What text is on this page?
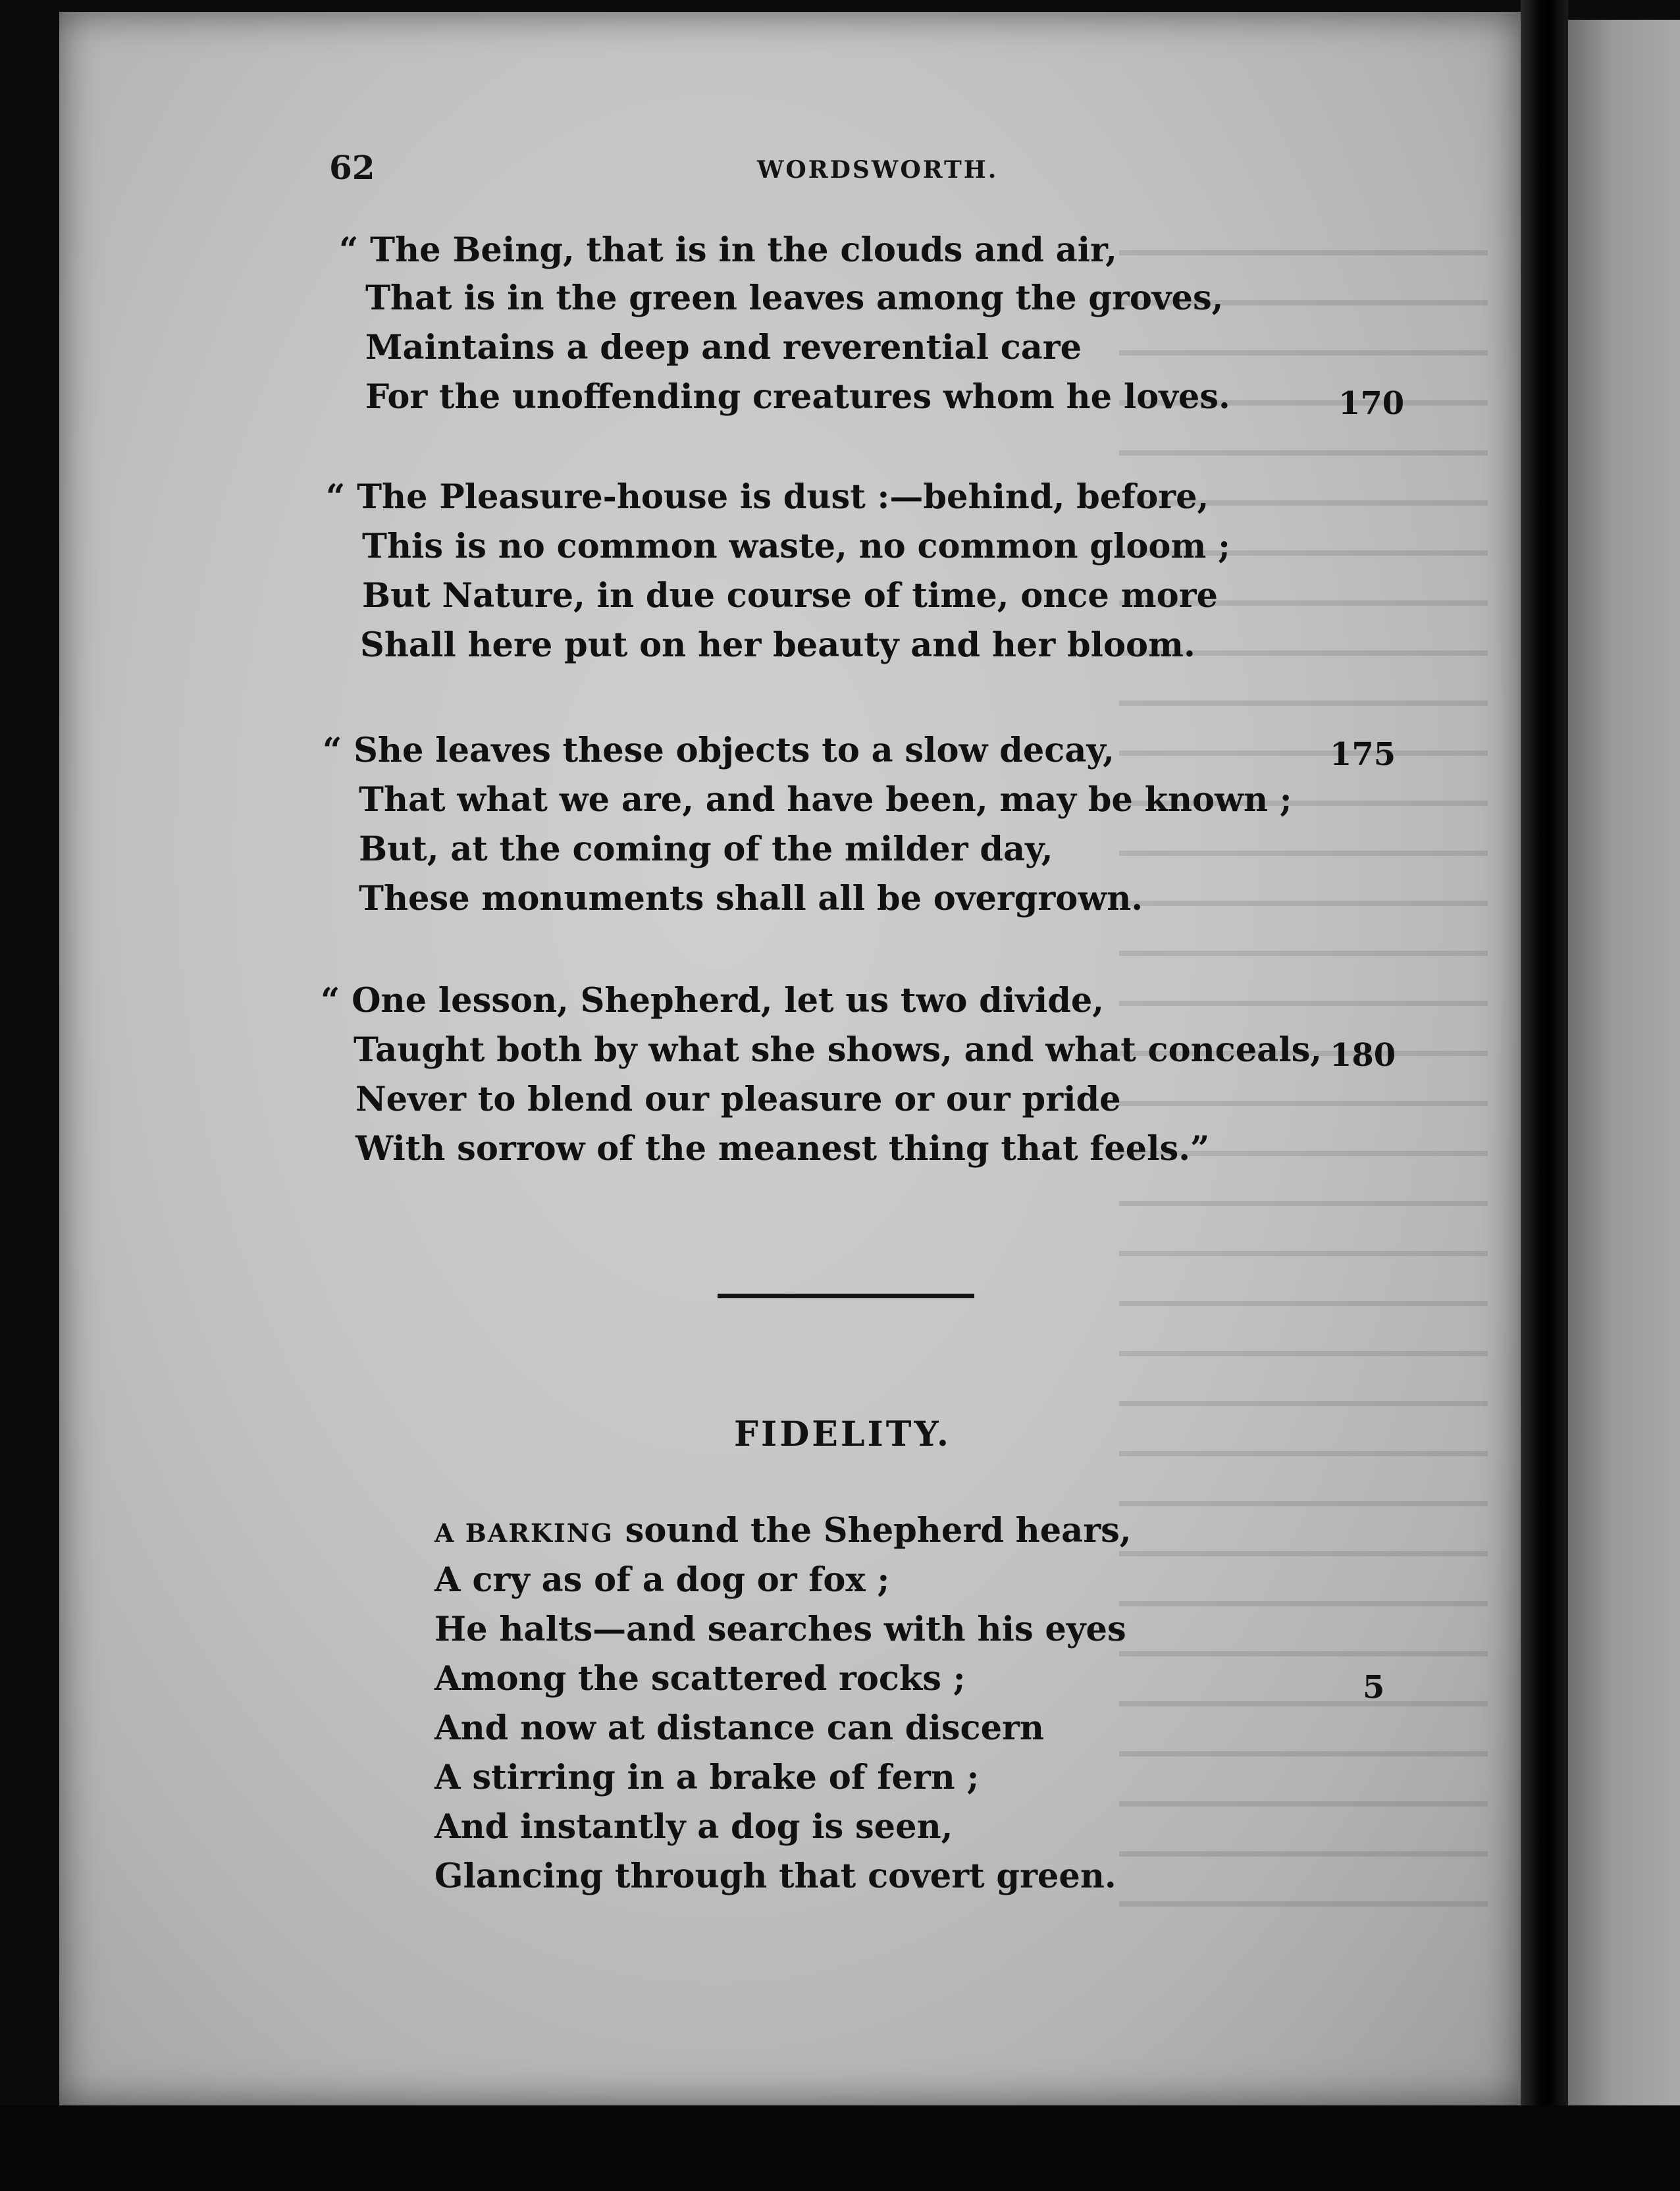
62	WORDSWORTH.
“ The Being, that is in the clouds and air,
That is in the green leaves among the groves,
Maintains a deep and reverential care
For the unoffending creatures whom he loves.	170
“ The Pleasure-house is dust :—behind, before,
This is no common waste, no common gloom ;
But Nature, in due course of time, once more
Shall here put on her beauty and her bloom.
“ She leaves these objects to a slow decay,
That what we are, and have been, may be known ;
But, at the coming of the milder day,
These monuments shall all be overgrown.
175
“ One lesson, Shepherd, let us two divide,
Taught both by what she shows, and what conceals,
Never to blend our pleasure or our pride
With sorrow of the meanest thing that feels.”
180
FIDELITY.
A BARKING sound the Shepherd hears,
A cry as of a dog or fox ;
He halts—and searches with his eyes
Among the scattered rocks ;
And now at distance can discern
A stirring in a brake of fern ;
And instantly a dog is seen,
Glancing through that covert green.
5
